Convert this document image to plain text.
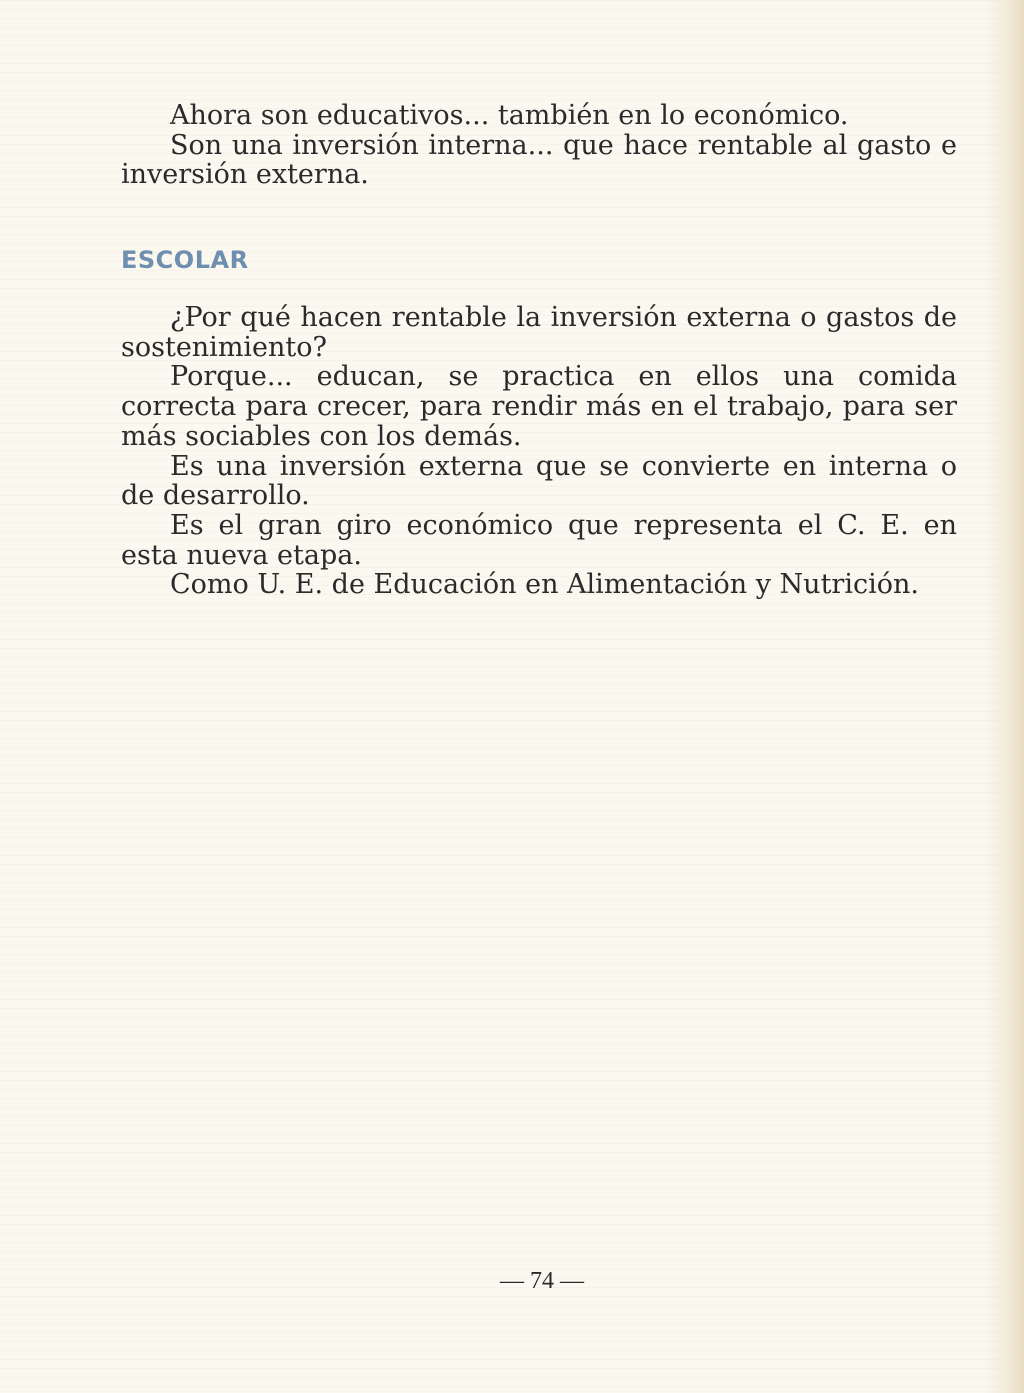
Ahora son educativos... también en lo económico.

Son una inversión interna... que hace rentable al gasto e inversión externa.

ESCOLAR

¿Por qué hacen rentable la inversión externa o gastos de sostenimiento?

Porque... educan, se practica en ellos una comida correcta para crecer, para rendir más en el trabajo, para ser más sociables con los demás.

Es una inversión externa que se convierte en interna o de desarrollo.

Es el gran giro económico que representa el C. E. en esta nueva etapa.

Como U. E. de Educación en Alimentación y Nutrición.

— 74 —
